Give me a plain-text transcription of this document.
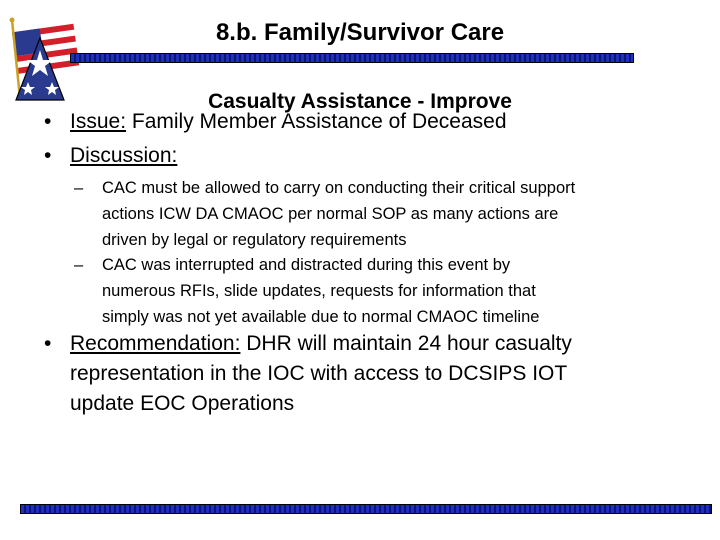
8.b. Family/Survivor Care
Casualty Assistance - Improve
• Issue: Family Member Assistance of Deceased
• Discussion:
– CAC must be allowed to carry on conducting their critical support
actions ICW DA CMAOC per normal SOP as many actions are
driven by legal or regulatory requirements
– CAC was interrupted and distracted during this event by
numerous RFIs, slide updates, requests for information that
simply was not yet available due to normal CMAOC timeline
• Recommendation: DHR will maintain 24 hour casualty
representation in the IOC with access to DCSIPS IOT
update EOC Operations
